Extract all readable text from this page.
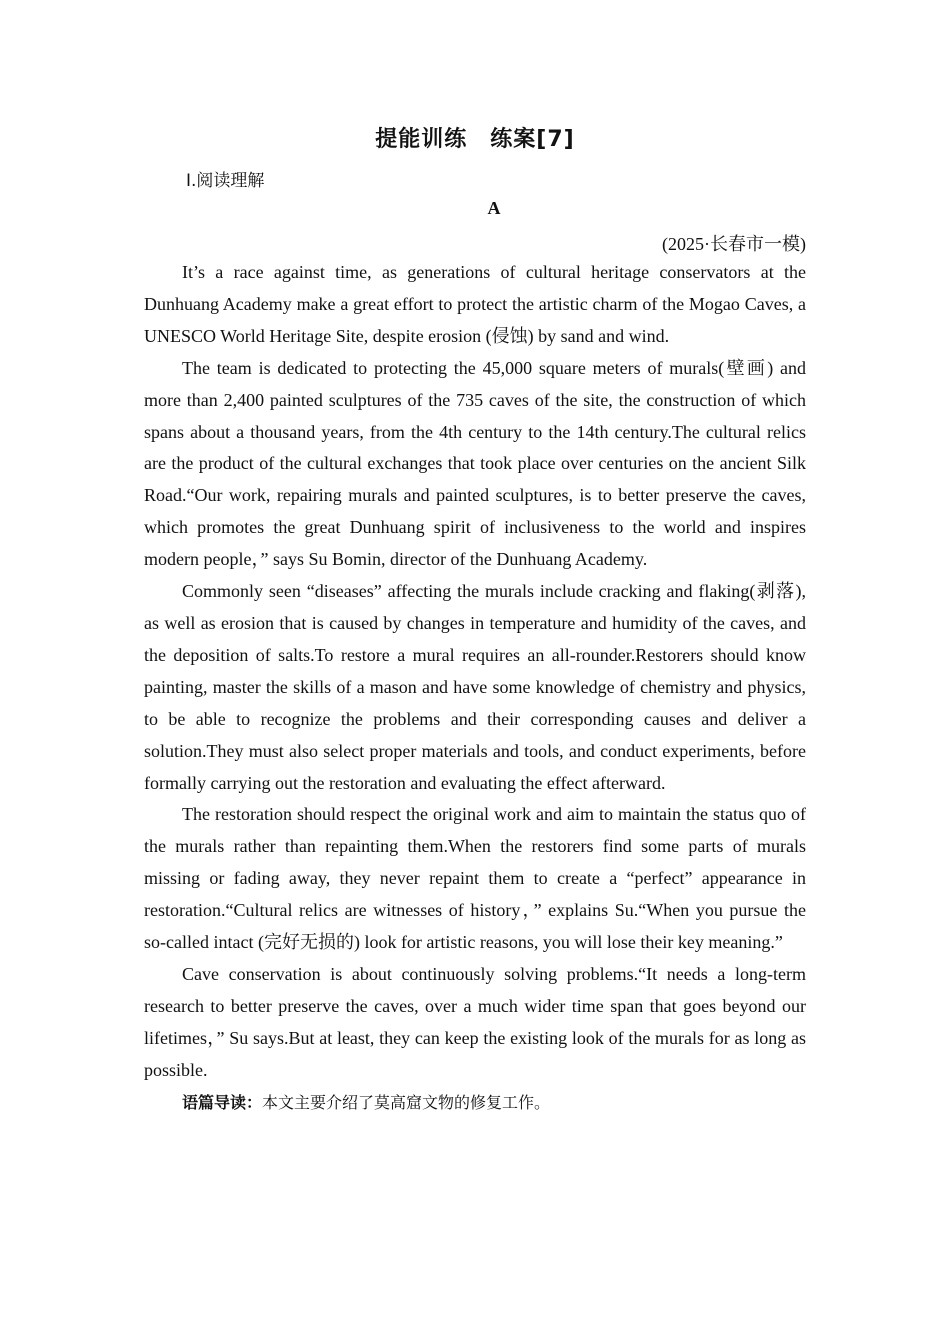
提能训练　练案[7]
Ⅰ.阅读理解
A
(2025·长春市一模)

It’s a race against time, as generations of cultural heritage conservators at the Dunhuang Academy make a great effort to protect the artistic charm of the Mogao Caves, a UNESCO World Heritage Site, despite erosion (侵蚀) by sand and wind.

The team is dedicated to protecting the 45,000 square meters of murals(壁画) and more than 2,400 painted sculptures of the 735 caves of the site, the construction of which spans about a thousand years, from the 4th century to the 14th century.The cultural relics are the product of the cultural exchanges that took place over centuries on the ancient Silk Road.“Our work, repairing murals and painted sculptures, is to better preserve the caves, which promotes the great Dunhuang spirit of inclusiveness to the world and inspires modern people，” says Su Bomin, director of the Dunhuang Academy.

Commonly seen “diseases” affecting the murals include cracking and flaking(剥落), as well as erosion that is caused by changes in temperature and humidity of the caves, and the deposition of salts.To restore a mural requires an all-rounder.Restorers should know painting, master the skills of a mason and have some knowledge of chemistry and physics, to be able to recognize the problems and their corresponding causes and deliver a solution.They must also select proper materials and tools, and conduct experiments, before formally carrying out the restoration and evaluating the effect afterward.

The restoration should respect the original work and aim to maintain the status quo of the murals rather than repainting them.When the restorers find some parts of murals missing or fading away, they never repaint them to create a “perfect” appearance in restoration.“Cultural relics are witnesses of history，” explains Su.“When you pursue the so-called intact (完好无损的) look for artistic reasons, you will lose their key meaning.”

Cave conservation is about continuously solving problems.“It needs a long-term research to better preserve the caves, over a much wider time span that goes beyond our lifetimes，” Su says.But at least, they can keep the existing look of the murals for as long as possible.

语篇导读：本文主要介绍了莫高窟文物的修复工作。
